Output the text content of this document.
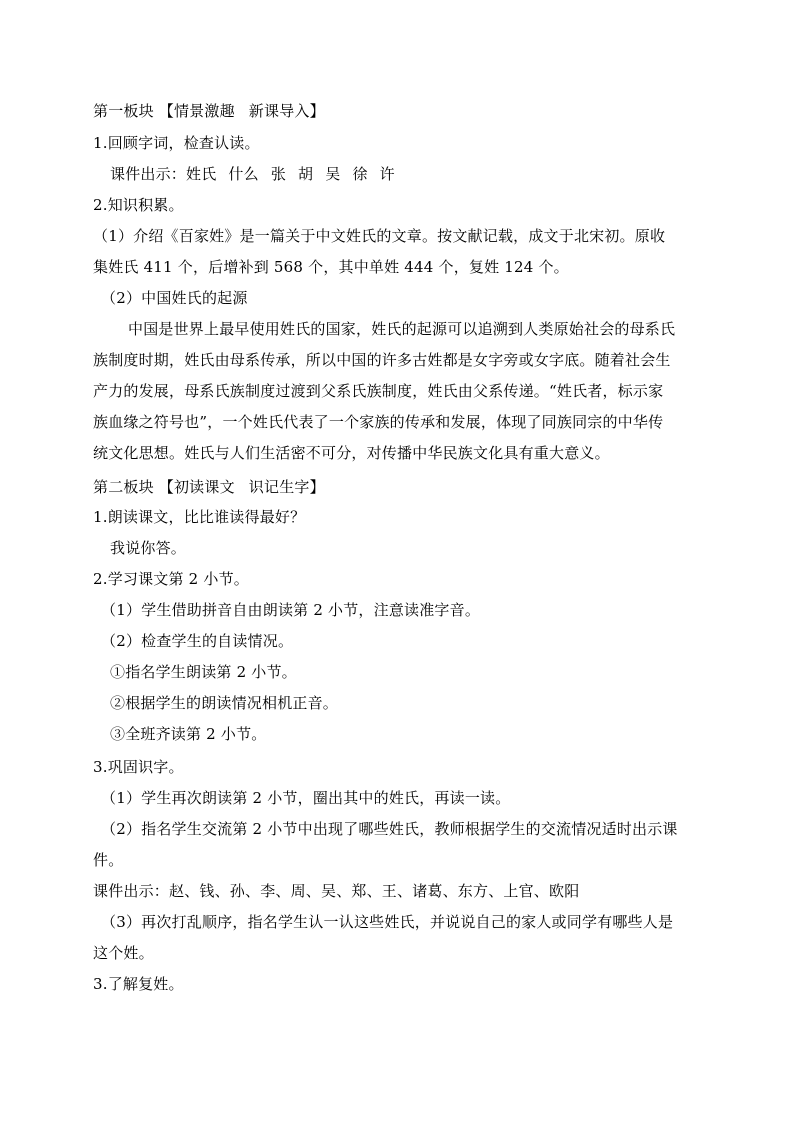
第一板块 【情景激趣 新课导入】
1.回顾字词，检查认读。
课件出示：姓氏 什么 张 胡 吴 徐 许
2.知识积累。
（1）介绍《百家姓》是一篇关于中文姓氏的文章。按文献记载，成文于北宋初。原收
集姓氏 411 个，后增补到 568 个，其中单姓 444 个，复姓 124 个。
（2）中国姓氏的起源
中国是世界上最早使用姓氏的国家，姓氏的起源可以追溯到人类原始社会的母系氏
族制度时期，姓氏由母系传承，所以中国的许多古姓都是女字旁或女字底。随着社会生
产力的发展，母系氏族制度过渡到父系氏族制度，姓氏由父系传递。“姓氏者，标示家
族血缘之符号也”，一个姓氏代表了一个家族的传承和发展，体现了同族同宗的中华传
统文化思想。姓氏与人们生活密不可分，对传播中华民族文化具有重大意义。
第二板块 【初读课文 识记生字】
1.朗读课文，比比谁读得最好？
我说你答。
2.学习课文第 2 小节。
（1）学生借助拼音自由朗读第 2 小节，注意读准字音。
（2）检查学生的自读情况。
①指名学生朗读第 2 小节。
②根据学生的朗读情况相机正音。
③全班齐读第 2 小节。
3.巩固识字。
（1）学生再次朗读第 2 小节，圈出其中的姓氏，再读一读。
（2）指名学生交流第 2 小节中出现了哪些姓氏，教师根据学生的交流情况适时出示课
件。
课件出示：赵、钱、孙、李、周、吴、郑、王、诸葛、东方、上官、欧阳
（3）再次打乱顺序，指名学生认一认这些姓氏，并说说自己的家人或同学有哪些人是
这个姓。
3.了解复姓。
